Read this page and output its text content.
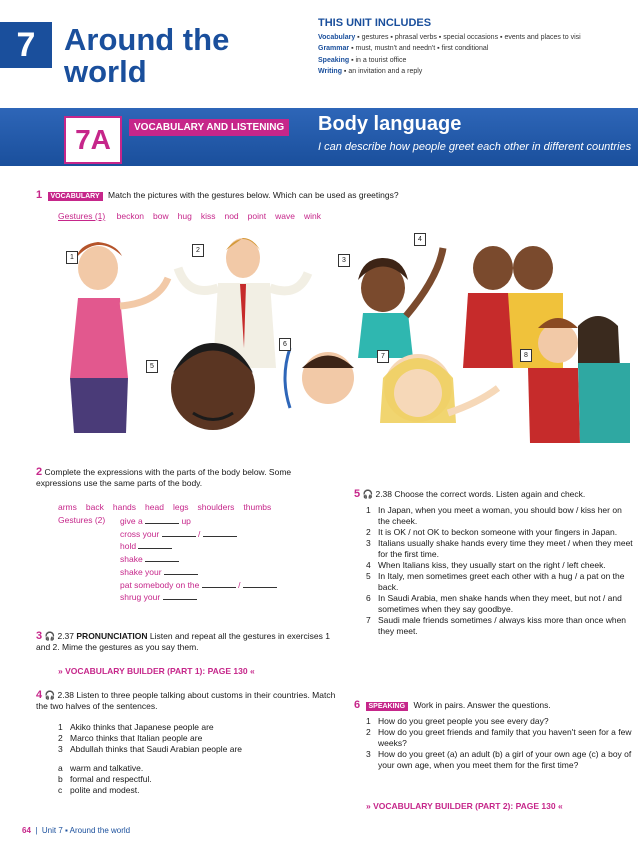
7 Around the world
THIS UNIT INCLUDES
Vocabulary ▪ gestures ▪ phrasal verbs ▪ special occasions ▪ events and places to visi
Grammar ▪ must, mustn't and needn't ▪ first conditional
Speaking ▪ in a tourist office
Writing ▪ an invitation and a reply
7A	VOCABULARY AND LISTENING Body language
I can describe how people greet each other in different countries
1 VOCABULARY Match the pictures with the gestures below. Which can be used as greetings?
Gestures (1) beckon bow hug kiss nod point wave wink
1
2
3
4
5
6
7	8
2 Complete the expressions with the parts of the body below. Some expressions use the same parts of the body.
arms back hands head legs shoulders thumbs
Gestures (2) give a	up
cross your	/
hold
shake
shake your
pat somebody on the	/
shrug your
3 🎧 2.37 PRONUNCIATION Listen and repeat all the gestures in exercises 1 and 2. Mime the gestures as you say them.
» VOCABULARY BUILDER (PART 1): PAGE 130 «
4 🎧 2.38 Listen to three people talking about customs in their countries. Match the two halves of the sentences.
1 Akiko thinks that Japanese people are
2 Marco thinks that Italian people are
3 Abdullah thinks that Saudi Arabian people are
a warm and talkative.
b formal and respectful.
c polite and modest.
5 🎧 2.38 Choose the correct words. Listen again and check.
1 In Japan, when you meet a woman, you should bow / kiss her on the cheek.
2 It is OK / not OK to beckon someone with your fingers in Japan.
3 Italians usually shake hands every time they meet / when they meet for the first time.
4 When Italians kiss, they usually start on the right / left cheek.
5 In Italy, men sometimes greet each other with a hug / a pat on the back.
6 In Saudi Arabia, men shake hands when they meet, but not / and sometimes when they say goodbye.
7 Saudi male friends sometimes / always kiss more than once when they meet.
6 SPEAKING Work in pairs. Answer the questions.
1 How do you greet people you see every day?
2 How do you greet friends and family that you haven't seen for a few weeks?
3 How do you greet (a) an adult (b) a girl of your own age (c) a boy of your own age, when you meet them for the first time?
» VOCABULARY BUILDER (PART 2): PAGE 130 «
64  |  Unit 7 ▪ Around the world
